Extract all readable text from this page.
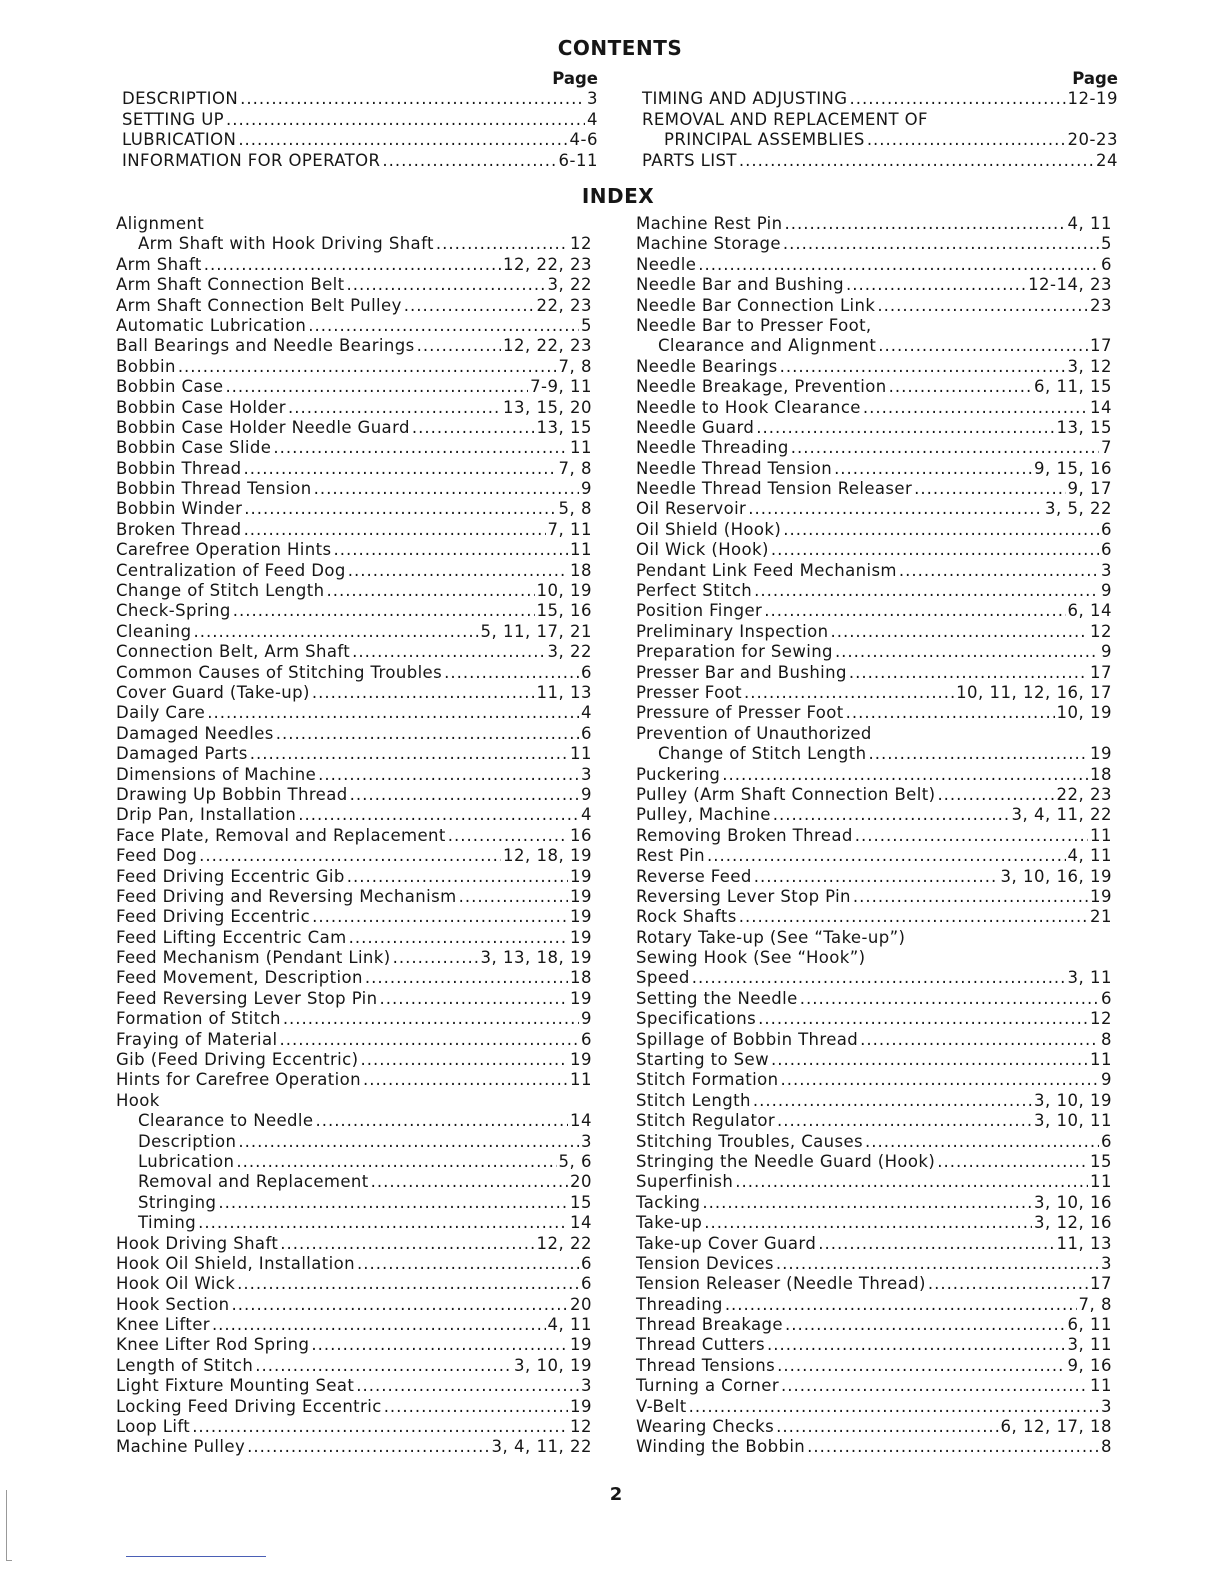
CONTENTS
Page
DESCRIPTION .....	3
SETTING UP .....	4
LUBRICATION .....	4-6
INFORMATION FOR OPERATOR .....	6-11
Page
TIMING AND ADJUSTING .....	12-19
REMOVAL AND REPLACEMENT OF
PRINCIPAL ASSEMBLIES .....	20-23
PARTS LIST .....	24
INDEX
Alignment
Arm Shaft with Hook Driving Shaft .....	12
Arm Shaft .....	12, 22, 23
Arm Shaft Connection Belt .....	3, 22
Arm Shaft Connection Belt Pulley .....	22, 23
Automatic Lubrication .....	5
Ball Bearings and Needle Bearings .....	12, 22, 23
Bobbin .....	7, 8
Bobbin Case .....	7-9, 11
Bobbin Case Holder .....	13, 15, 20
Bobbin Case Holder Needle Guard .....	13, 15
Bobbin Case Slide .....	11
Bobbin Thread .....	7, 8
Bobbin Thread Tension .....	9
Bobbin Winder .....	5, 8
Broken Thread .....	7, 11
Carefree Operation Hints .....	11
Centralization of Feed Dog .....	18
Change of Stitch Length .....	10, 19
Check-Spring .....	15, 16
Cleaning .....	5, 11, 17, 21
Connection Belt, Arm Shaft .....	3, 22
Common Causes of Stitching Troubles .....	6
Cover Guard (Take-up) .....	11, 13
Daily Care .....	4
Damaged Needles .....	6
Damaged Parts .....	11
Dimensions of Machine .....	3
Drawing Up Bobbin Thread .....	9
Drip Pan, Installation .....	4
Face Plate, Removal and Replacement .....	16
Feed Dog .....	12, 18, 19
Feed Driving Eccentric Gib .....	19
Feed Driving and Reversing Mechanism .....	19
Feed Driving Eccentric .....	19
Feed Lifting Eccentric Cam .....	19
Feed Mechanism (Pendant Link) .....	3, 13, 18, 19
Feed Movement, Description .....	18
Feed Reversing Lever Stop Pin .....	19
Formation of Stitch .....	9
Fraying of Material .....	6
Gib (Feed Driving Eccentric) .....	19
Hints for Carefree Operation .....	11
Hook
Clearance to Needle .....	14
Description .....	3
Lubrication .....	5, 6
Removal and Replacement .....	20
Stringing .....	15
Timing .....	14
Hook Driving Shaft .....	12, 22
Hook Oil Shield, Installation .....	6
Hook Oil Wick .....	6
Hook Section .....	20
Knee Lifter .....	4, 11
Knee Lifter Rod Spring .....	19
Length of Stitch .....	3, 10, 19
Light Fixture Mounting Seat .....	3
Locking Feed Driving Eccentric .....	19
Loop Lift .....	12
Machine Pulley .....	3, 4, 11, 22
Machine Rest Pin .....	4, 11
Machine Storage .....	5
Needle .....	6
Needle Bar and Bushing .....	12-14, 23
Needle Bar Connection Link .....	23
Needle Bar to Presser Foot,
Clearance and Alignment .....	17
Needle Bearings .....	3, 12
Needle Breakage, Prevention .....	6, 11, 15
Needle to Hook Clearance .....	14
Needle Guard .....	13, 15
Needle Threading .....	7
Needle Thread Tension .....	9, 15, 16
Needle Thread Tension Releaser .....	9, 17
Oil Reservoir .....	3, 5, 22
Oil Shield (Hook) .....	6
Oil Wick (Hook) .....	6
Pendant Link Feed Mechanism .....	3
Perfect Stitch .....	9
Position Finger .....	6, 14
Preliminary Inspection .....	12
Preparation for Sewing .....	9
Presser Bar and Bushing .....	17
Presser Foot .....	10, 11, 12, 16, 17
Pressure of Presser Foot .....	10, 19
Prevention of Unauthorized
Change of Stitch Length .....	19
Puckering .....	18
Pulley (Arm Shaft Connection Belt) .....	22, 23
Pulley, Machine .....	3, 4, 11, 22
Removing Broken Thread .....	11
Rest Pin .....	4, 11
Reverse Feed .....	3, 10, 16, 19
Reversing Lever Stop Pin .....	19
Rock Shafts .....	21
Rotary Take-up (See “Take-up”)
Sewing Hook (See “Hook”)
Speed .....	3, 11
Setting the Needle .....	6
Specifications .....	12
Spillage of Bobbin Thread .....	8
Starting to Sew .....	11
Stitch Formation .....	9
Stitch Length .....	3, 10, 19
Stitch Regulator .....	3, 10, 11
Stitching Troubles, Causes .....	6
Stringing the Needle Guard (Hook) .....	15
Superfinish .....	11
Tacking .....	3, 10, 16
Take-up .....	3, 12, 16
Take-up Cover Guard .....	11, 13
Tension Devices .....	3
Tension Releaser (Needle Thread) .....	17
Threading .....	7, 8
Thread Breakage .....	6, 11
Thread Cutters .....	3, 11
Thread Tensions .....	9, 16
Turning a Corner .....	11
V-Belt .....	3
Wearing Checks .....	6, 12, 17, 18
Winding the Bobbin .....	8
2
